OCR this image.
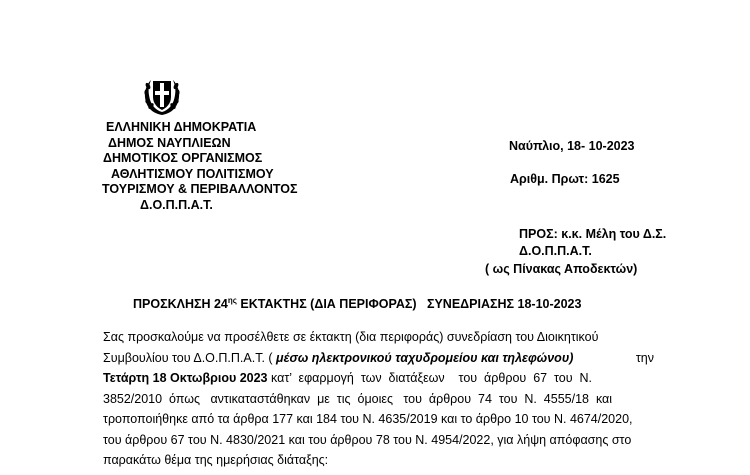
ΕΛΛΗΝΙΚΗ ΔΗΜΟΚΡΑΤΙΑ
ΔΗΜΟΣ ΝΑΥΠΛΙΕΩΝ
ΔΗΜΟΤΙΚΟΣ ΟΡΓΑΝΙΣΜΟΣ
ΑΘΛΗΤΙΣΜΟΥ ΠΟΛΙΤΙΣΜΟΥ
ΤΟΥΡΙΣΜΟΥ & ΠΕΡΙΒΑΛΛΟΝΤΟΣ
Δ.Ο.Π.Π.Α.Τ.
Ναύπλιο, 18- 10-2023
Αριθμ. Πρωτ: 1625
ΠΡΟΣ: κ.κ. Μέλη του Δ.Σ.
Δ.Ο.Π.Π.Α.Τ.
( ως Πίνακας Αποδεκτών)
ΠΡΟΣΚΛΗΣΗ $24^{\eta\varsigma}$ ΕΚΤΑΚΤΗΣ (ΔΙΑ ΠΕΡΙΦΟΡΑΣ)   ΣΥΝΕΔΡΙΑΣΗΣ 18-10-2023
Σας προσκαλούμε να προσέλθετε σε έκτακτη (δια περιφοράς) συνεδρίαση του Διοικητικού
Συμβουλίου του Δ.Ο.Π.Π.Α.Τ. ( μέσω ηλεκτρονικού ταχυδρομείου και τηλεφώνου)	την
Τετάρτη 18 Οκτωβριου 2023 κατ’  εφαρμογή  των  διατάξεων    του  άρθρου  67  του  Ν.
3852/2010  όπως   αντικαταστάθηκαν  με  τις  όμοιες   του  άρθρου  74  του  Ν.  4555/18  και
τροποποιήθηκε από τα άρθρα 177 και 184 του Ν. 4635/2019 και το άρθρο 10 του Ν. 4674/2020,
του άρθρου 67 του Ν. 4830/2021 και του άρθρου 78 του Ν. 4954/2022, για λήψη απόφασης στο
παρακάτω θέμα της ημερήσιας διάταξης:
